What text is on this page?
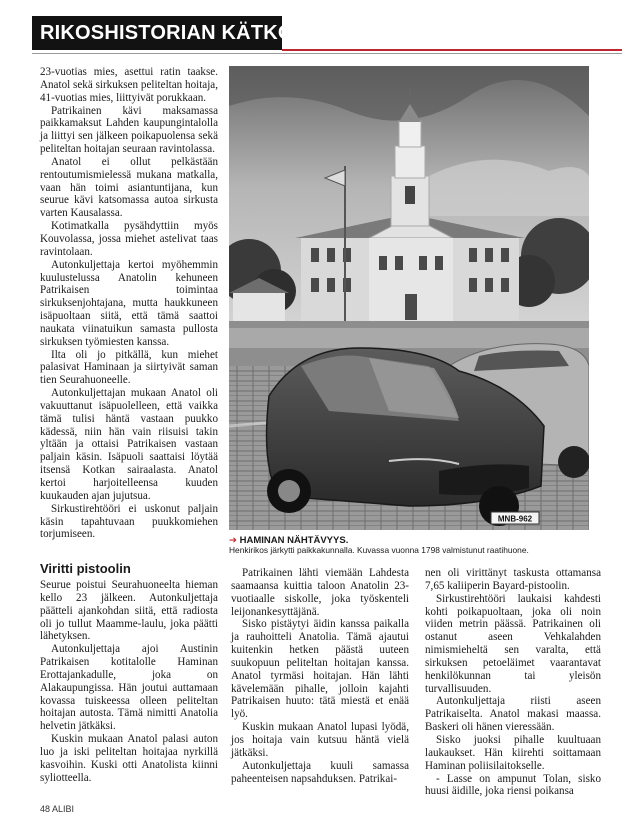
RIKOSHISTORIAN KÄTKÖISTÄ

23-vuotias mies, asettui ratin taakse. Anatol sekä sirkuksen peliteltan hoitaja, 41-vuotias mies, liittyivät porukkaan.

Patrikainen kävi maksamassa paikkamaksut Lahden kaupungintalolla ja liittyi sen jälkeen poikapuolensa sekä peliteltan hoitajan seuraan ravintolassa.

Anatol ei ollut pelkästään rentoutumismielessä mukana matkalla, vaan hän toimi asiantuntijana, kun seurue kävi katsomassa autoa sirkusta varten Kausalassa.

Kotimatkalla pysähdyttiin myös Kouvolassa, jossa miehet astelivat taas ravintolaan.

Autonkuljettaja kertoi myöhemmin kuulustelussa Anatolin kehuneen Patrikaisen toimintaa sirkuksenjohtajana, mutta haukkuneen isäpuoltaan siitä, että tämä saattoi naukata viinatuikun samasta pullosta sirkuksen työmiesten kanssa.

Ilta oli jo pitkällä, kun miehet palasivat Haminaan ja siirtyivät saman tien Seurahuoneelle.

Autonkuljettajan mukaan Anatol oli vakuuttanut isäpuolelleen, että vaikka tämä tulisi häntä vastaan puukko kädessä, niin hän vain riisuisi takin yltään ja ottaisi Patrikaisen vastaan paljain käsin. Isäpuoli saattaisi löytää itsensä Kotkan sairaalasta. Anatol kertoi harjoitelleensa kuuden kuukauden ajan jujutsua.

Sirkustirehtööri ei uskonut paljain käsin tapahtuvaan puukkomiehen torjumiseen.

Viritti pistoolin

Seurue poistui Seurahuoneelta hieman kello 23 jälkeen. Autonkuljettaja päätteli ajankohdan siitä, että radiosta oli jo tullut Maamme-laulu, joka päätti lähetyksen.

Autonkuljettaja ajoi Austinin Patrikaisen kotitalolle Haminan Erottajankadulle, joka on Alakaupungissa. Hän joutui auttamaan kovassa tuiskeessa olleen peliteltan hoitajan autosta. Tämä nimitti Anatolia helvetin jätkäksi.

Kuskin mukaan Anatol palasi auton luo ja iski peliteltan hoitajaa nyrkillä kasvoihin. Kuski otti Anatolista kiinni syliotteella.

MNB-962
➔ HAMINAN NÄHTÄVYYS.
Henkirikos järkytti paikkakunnalla. Kuvassa vuonna 1798 valmistunut raatihuone.

Patrikainen lähti viemään Lahdesta saamaansa kuittia taloon Anatolin 23-vuotiaalle siskolle, joka työskenteli leijonankesyttäjänä.

Sisko pistäytyi äidin kanssa paikalla ja rauhoitteli Anatolia. Tämä ajautui kuitenkin hetken päästä uuteen suukopuun peliteltan hoitajan kanssa. Anatol tyrmäsi hoitajan. Hän lähti kävelemään pihalle, jolloin kajahti Patrikaisen huuto: tätä miestä et enää lyö.

Kuskin mukaan Anatol lupasi lyödä, jos hoitaja vain kutsuu häntä vielä jätkäksi.

Autonkuljettaja kuuli samassa paheenteisen napsahduksen. Patrikai-

nen oli virittänyt taskusta ottamansa 7,65 kaliiperin Bayard-pistoolin.

Sirkustirehtööri laukaisi kahdesti kohti poikapuoltaan, joka oli noin viiden metrin päässä. Patrikainen oli ostanut aseen Vehkalahden nimismieheltä sen varalta, että sirkuksen petoeläimet vaarantavat henkilökunnan tai yleisön turvallisuuden.

Autonkuljettaja riisti aseen Patrikaiselta. Anatol makasi maassa. Baskeri oli hänen vieressään.

Sisko juoksi pihalle kuultuaan laukaukset. Hän kiirehti soittamaan Haminan poliisilaitokselle.

- Lasse on ampunut Tolan, sisko huusi äidille, joka riensi poikansa

48 ALIBI
